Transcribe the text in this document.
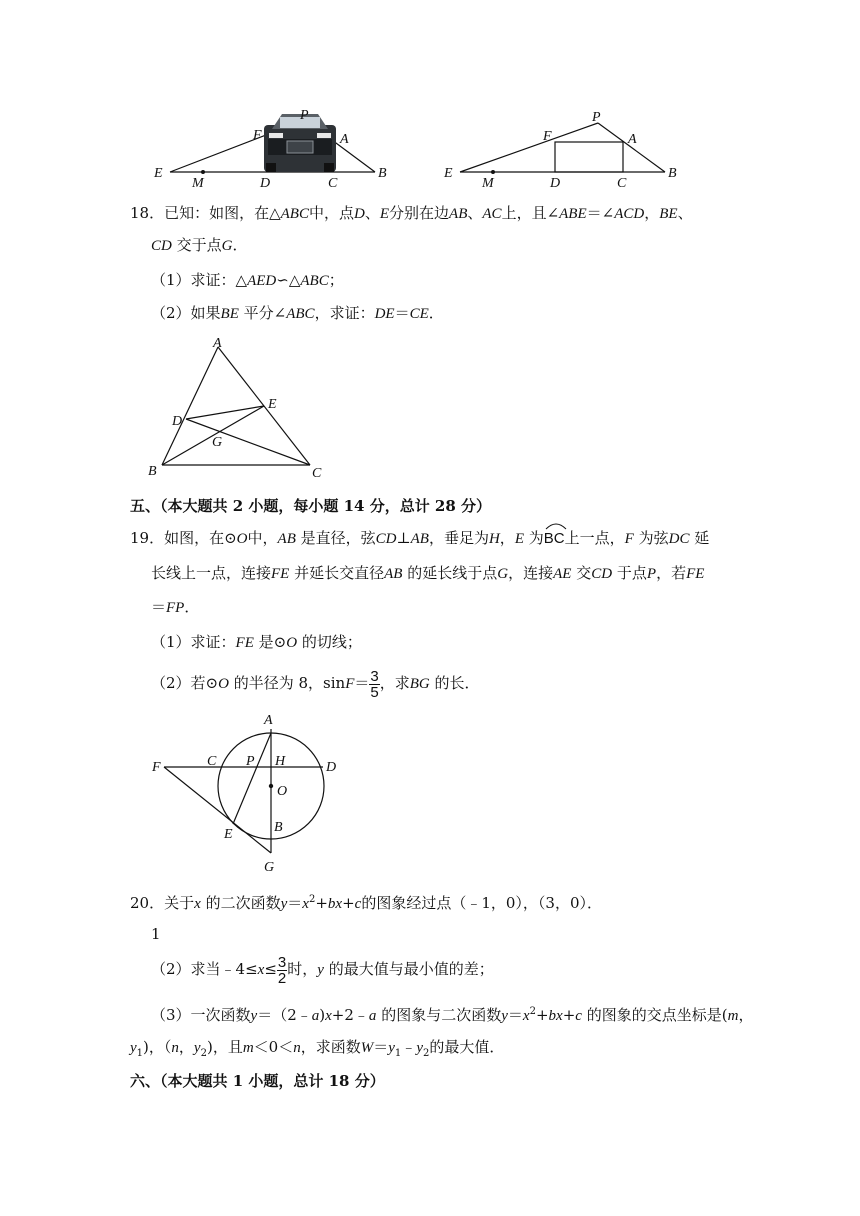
P
F	A
E
M	D	C
B
P
F	A
E
M	D	C
B
18．已知：如图，在△ABC中，点D、E分别在边AB、AC上，且∠ABE＝∠ACD，BE、
CD 交于点G．
（1）求证：△AED∽△ABC；
（2）如果BE 平分∠ABC，求证：DE＝CE．
A
B	C
D
E
G
五、（本大题共 2 小题，每小题 14 分，总计 28 分）
19．如图，在⊙O中，AB 是直径，弦CD⊥AB，垂足为H，E 为
BC上一点，F 为弦DC 延
长线上一点，连接FE 并延长交直径AB 的延长线于点G，连接AE 交CD 于点P，若FE
＝FP．
（1）求证：FE 是⊙O 的切线；
（2）若⊙O 的半径为 8，$\sin F= \frac{3}{5}$ ，求BG 的长．
A
F	C P H	D
O
E	B
G
20．关于x 的二次函数$y=x^2+bx+c$的图象经过点（﹣1，0），（3，0）．
1
（2）求当﹣4≤x≤ $\frac{3}{2}$ 时，y 的最大值与最小值的差；
（3）一次函数y＝（2﹣a)x+2﹣a 的图象与二次函数$y=x^2+bx+c$ 的图象的交点坐标是(m，
$y_1$)，（n，$y_2$)，且m＜0＜n，求函数$W=y_1﹣y_2$的最大值．
六、（本大题共 1 小题，总计 18 分）
